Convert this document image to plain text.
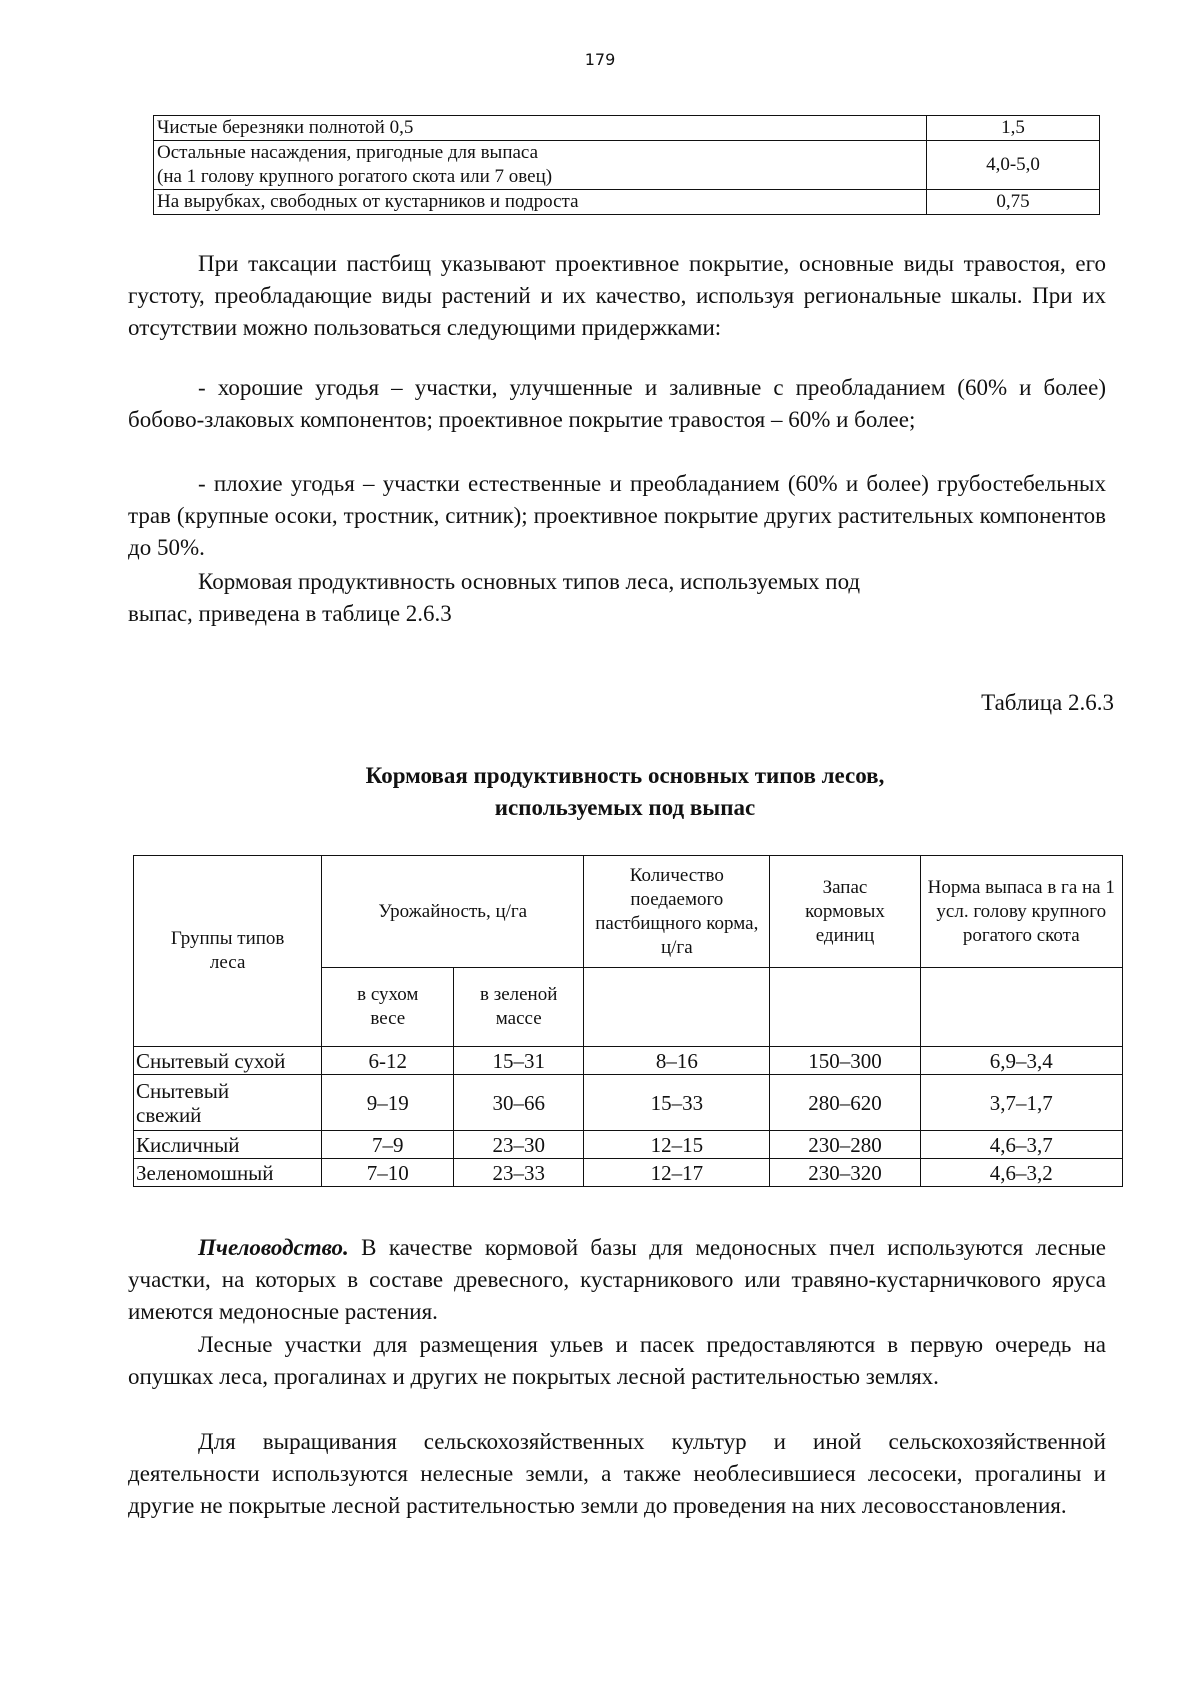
179
Чистые березняки полнотой 0,5	1,5

Остальные насаждения, пригодные для выпаса
(на 1 голову крупного рогатого скота или 7 овец)	4,0-5,0
На вырубках, свободных от кустарников и подроста	0,75

При таксации пастбищ указывают проективное покрытие, основные виды травостоя, его густоту, преобладающие виды растений и их качество, используя региональные шкалы. При их отсутствии можно пользоваться следующими придержками:

- хорошие угодья – участки, улучшенные и заливные с преобладанием (60% и более) бобово-злаковых компонентов; проективное покрытие травостоя – 60% и более;

- плохие угодья – участки естественные и преобладанием (60% и более) грубостебельных трав (крупные осоки, тростник, ситник); проективное покрытие других растительных компонентов до 50%.

Кормовая продуктивность основных типов леса, используемых под
выпас, приведена в таблице 2.6.3

Таблица 2.6.3
Кормовая продуктивность основных типов лесов,
используемых под выпас
Группы типов леса	Урожайность, ц/га		Количество поедаемого пастбищного корма, ц/га	Запас кормовых единиц	Норма выпаса в га на 1 усл. голову крупного рогатого скота

	в сухом весе	в зеленой массе			

Снытевый сухой	6-12	15–31	8–16	150–300	6,9–3,4

Снытевый свежий	9–19	30–66	15–33	280–620	3,7–1,7
Кисличный	7–9	23–30	12–15	230–280	4,6–3,7
Зеленомошный	7–10	23–33	12–17	230–320	4,6–3,2

Пчеловодство. В качестве кормовой базы для медоносных пчел используются лесные участки, на которых в составе древесного, кустарникового или травяно-кустарничкового яруса имеются медоносные растения.

Лесные участки для размещения ульев и пасек предоставляются в первую очередь на опушках леса, прогалинах и других не покрытых лесной растительностью землях.

Для выращивания сельскохозяйственных культур и иной сельскохозяйственной деятельности используются нелесные земли, а также необлесившиеся лесосеки, прогалины и другие не покрытые лесной растительностью земли до проведения на них лесовосстановления.
